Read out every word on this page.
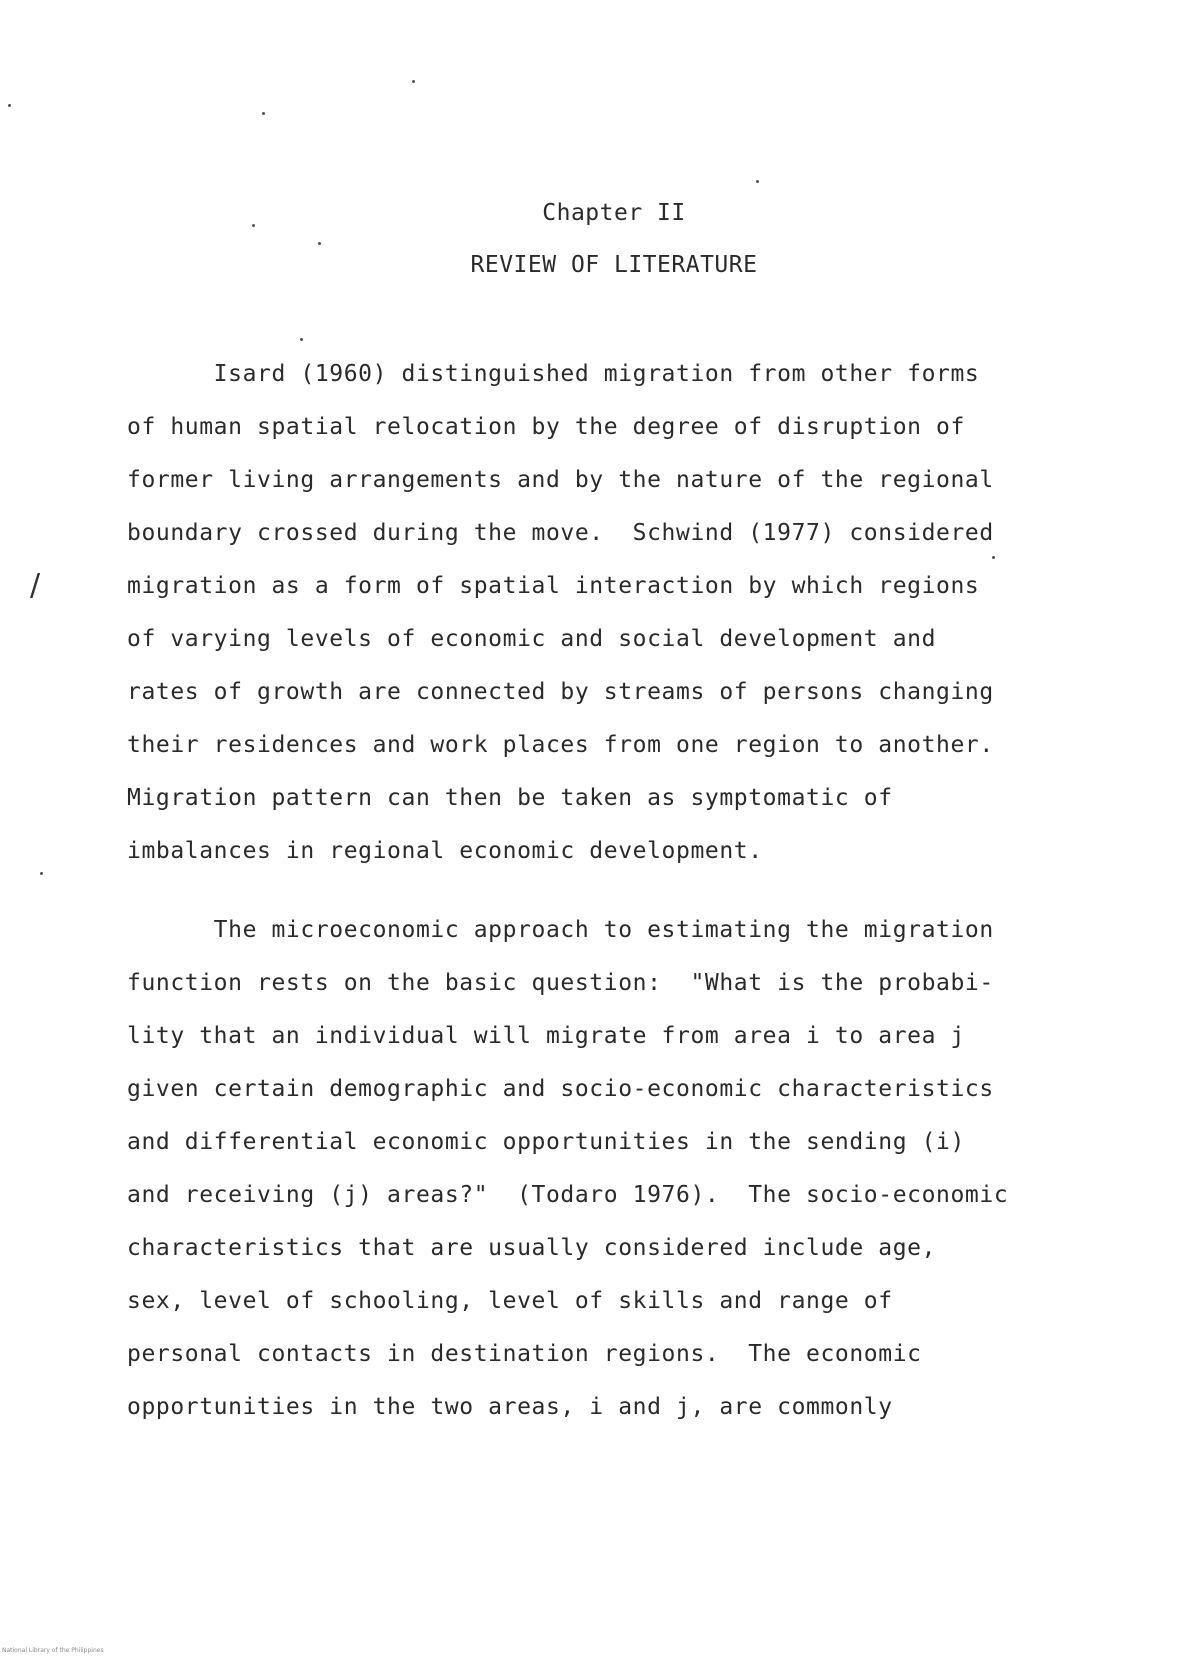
Chapter II
REVIEW OF LITERATURE
/
Isard (1960) distinguished migration from other forms
of human spatial relocation by the degree of disruption of
former living arrangements and by the nature of the regional
boundary crossed during the move.  Schwind (1977) considered
migration as a form of spatial interaction by which regions
of varying levels of economic and social development and
rates of growth are connected by streams of persons changing
their residences and work places from one region to another.
Migration pattern can then be taken as symptomatic of
imbalances in regional economic development.
The microeconomic approach to estimating the migration
function rests on the basic question:  "What is the probabi-
lity that an individual will migrate from area i to area j
given certain demographic and socio-economic characteristics
and differential economic opportunities in the sending (i)
and receiving (j) areas?"  (Todaro 1976).  The socio-economic
characteristics that are usually considered include age,
sex, level of schooling, level of skills and range of
personal contacts in destination regions.  The economic
opportunities in the two areas, i and j, are commonly
National Library of the Philippines
